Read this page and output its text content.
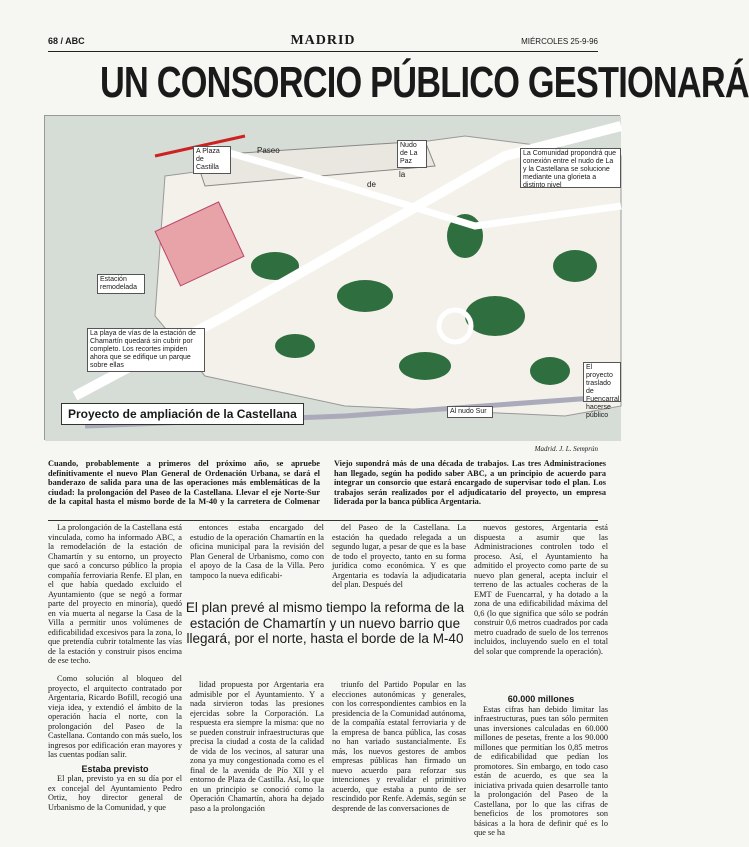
68 / ABC	MADRID	MIÉRCOLES 25-9-96
UN CONSORCIO PÚBLICO GESTIONARÁ
A Plaza de Castilla
Paseo
de
la
Nudo de La Paz
La Comunidad propondrá que conexión entre el nudo de La y la Castellana se solucione mediante una glorieta a distinto nivel
Estación remodelada
La playa de vías de la estación de Chamartín quedará sin cubrir por completo. Los recortes impiden ahora que se edifique un parque sobre ellas
Al nudo Sur
El proyecto traslado de Fuencarral hacerse público
Proyecto de ampliación de la Castellana
Madrid. J. L. Semprún
Cuando, probablemente a primeros del próximo año, se apruebe definitivamente el nuevo Plan General de Ordenación Urbana, se dará el banderazo de salida para una de las operaciones más emblemáticas de la ciudad: la prolongación del Paseo de la Castellana. Llevar el eje Norte-Sur de la capital hasta el mismo borde de la M-40 y la carretera de Colmenar Viejo supondrá más de una década de trabajos. Las tres Administraciones han llegado, según ha podido saber ABC, a un principio de acuerdo para integrar un consorcio que estará encargado de supervisar todo el plan. Los trabajos serán realizados por el adjudicatario del proyecto, un empresa liderada por la banca pública Argentaria.
La prolongación de la Castellana está vinculada, como ha informado ABC, a la remodelación de la estación de Chamartín y su entorno, un proyecto que sacó a concurso público la propia compañía ferroviaria Renfe. El plan, en el que había quedado excluido el Ayuntamiento (que se negó a formar parte del proyecto en minoría), quedó en vía muerta al negarse la Casa de la Villa a permitir unos volúmenes de edificabilidad excesivos para la zona, lo que pretendía cubrir totalmente las vías de la estación y construir pisos encima de ese techo.
entonces estaba encargado del estudio de la operación Chamartín en la oficina municipal para la revisión del Plan General de Urbanismo, como con el apoyo de la Casa de la Villa. Pero tampoco la nueva edificabi-
del Paseo de la Castellana. La estación ha quedado relegada a un segundo lugar, a pesar de que es la base de todo el proyecto, tanto en su forma jurídica como económica. Y es que Argentaria es todavía la adjudicataria del plan. Después del
nuevos gestores, Argentaria está dispuesta a asumir que las Administraciones controlen todo el proceso. Así, el Ayuntamiento ha admitido el proyecto como parte de su nuevo plan general, acepta incluir el terreno de las actuales cocheras de la EMT de Fuencarral, y ha dotado a la zona de una edificabilidad máxima del 0,6 (lo que significa que sólo se podrán construir 0,6 metros cuadrados por cada metro cuadrado de suelo de los terrenos incluidos, incluyendo suelo en el total del solar que comprende la operación).
El plan prevé al mismo tiempo la reforma de la estación de Chamartín y un nuevo barrio que llegará, por el norte, hasta el borde de la M-40

Como solución al bloqueo del proyecto, el arquitecto contratado por Argentaria, Ricardo Bofill, recogió una vieja idea, y extendió el ámbito de la operación hacia el norte, con la prolongación del Paseo de la Castellana. Contando con más suelo, los ingresos por edificación eran mayores y las cuentas podían salir.

Estaba previsto

El plan, previsto ya en su día por el ex concejal del Ayuntamiento Pedro Ortiz, hoy director general de Urbanismo de la Comunidad, y que

lidad propuesta por Argentaria era admisible por el Ayuntamiento. Y a nada sirvieron todas las presiones ejercidas sobre la Corporación. La respuesta era siempre la misma: que no se pueden construir infraestructuras que precisa la ciudad a costa de la calidad de vida de los vecinos, al saturar una zona ya muy congestionada como es el final de la avenida de Pío XII y el entorno de Plaza de Castilla. Así, lo que en un principio se conoció como la Operación Chamartín, ahora ha dejado paso a la prolongación
triunfo del Partido Popular en las elecciones autonómicas y generales, con los correspondientes cambios en la presidencia de la Comunidad autónoma, de la compañía estatal ferroviaria y de la empresa de banca pública, las cosas no han variado sustancialmente. Es más, los nuevos gestores de ambos empresas públicas han firmado un nuevo acuerdo para reforzar sus intenciones y revalidar el primitivo acuerdo, que estaba a punto de ser rescindido por Renfe. Además, según se desprende de las conversaciones de

60.000 millones

Estas cifras han debido limitar las infraestructuras, pues tan sólo permiten unas inversiones calculadas en 60.000 millones de pesetas, frente a los 90.000 millones que permitían los 0,85 metros de edificabilidad que pedían los promotores. Sin embargo, en todo caso están de acuerdo, es que sea la iniciativa privada quien desarrolle tanto la prolongación del Paseo de la Castellana, por lo que las cifras de beneficios de los promotores son básicas a la hora de definir qué es lo que se ha
